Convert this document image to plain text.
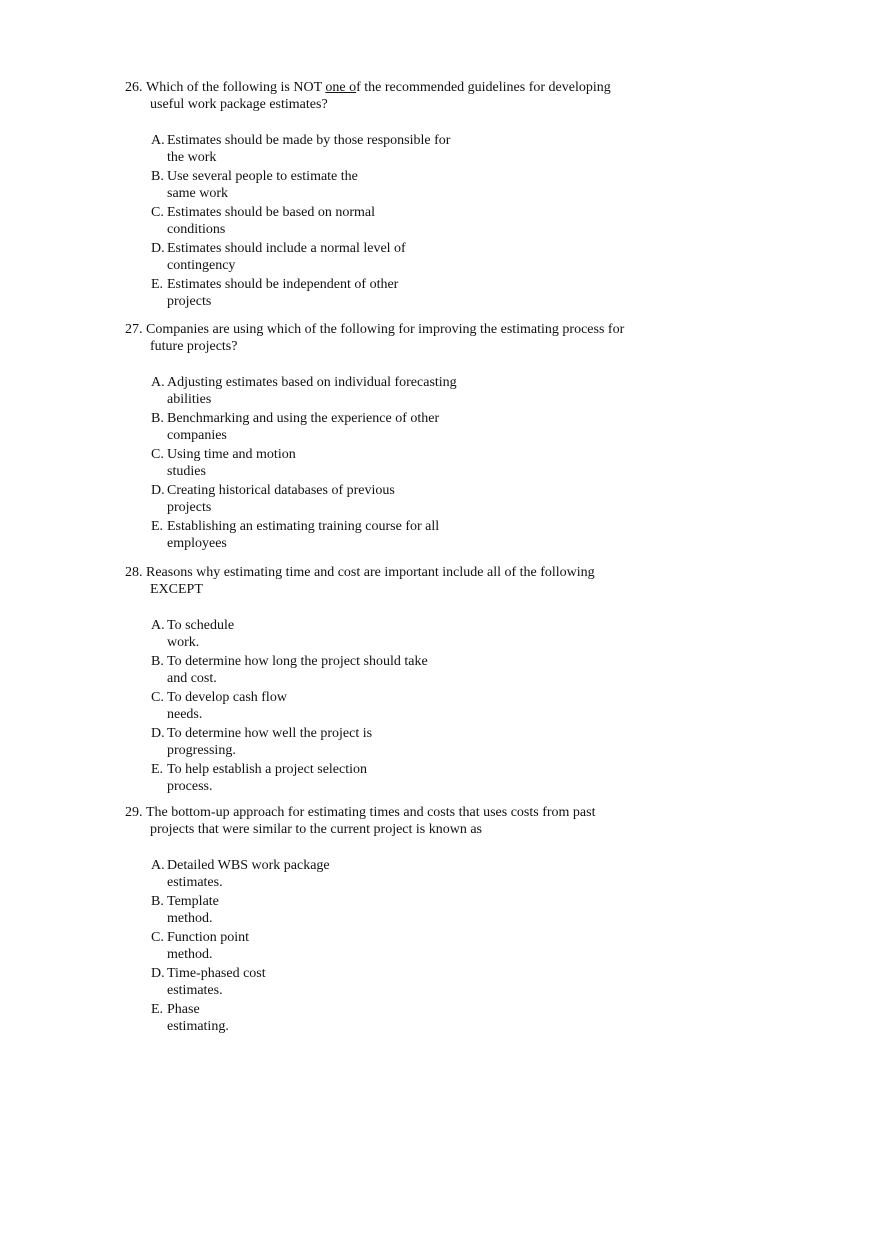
26. Which of the following is NOT one of the recommended guidelines for developing
useful work package estimates?
A. Estimates should be made by those responsible for
the work
B. Use several people to estimate the
same work
C. Estimates should be based on normal
conditions
D. Estimates should include a normal level of
contingency
E. Estimates should be independent of other
projects
27. Companies are using which of the following for improving the estimating process for
future projects?
A. Adjusting estimates based on individual forecasting
abilities
B. Benchmarking and using the experience of other
companies
C. Using time and motion
studies
D. Creating historical databases of previous
projects
E. Establishing an estimating training course for all
employees
28. Reasons why estimating time and cost are important include all of the following
EXCEPT
A. To schedule
work.
B. To determine how long the project should take
and cost.
C. To develop cash flow
needs.
D. To determine how well the project is
progressing.
E. To help establish a project selection
process.
29. The bottom-up approach for estimating times and costs that uses costs from past
projects that were similar to the current project is known as
A. Detailed WBS work package
estimates.
B. Template
method.
C. Function point
method.
D. Time-phased cost
estimates.
E. Phase
estimating.
